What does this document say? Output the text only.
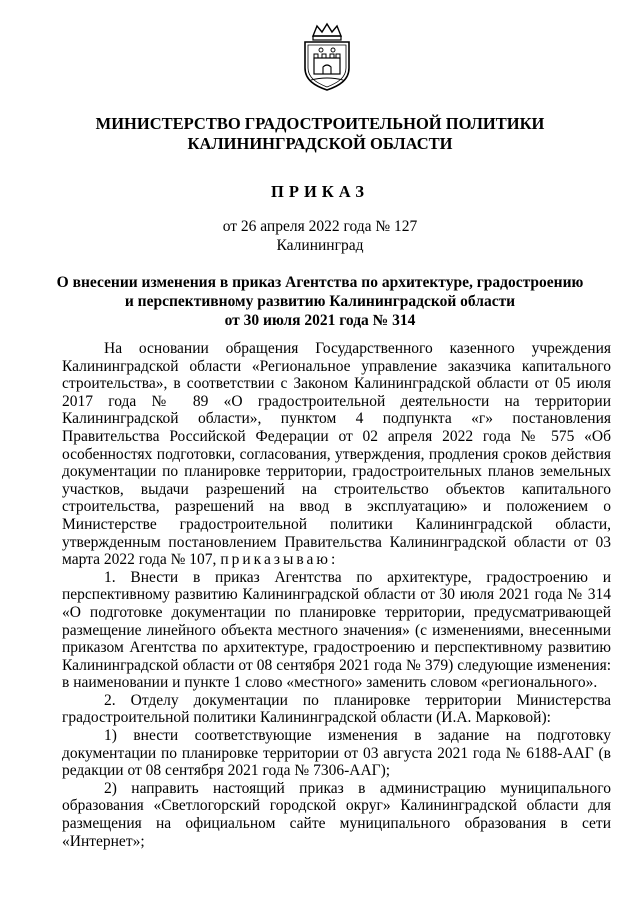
МИНИСТЕРСТВО ГРАДОСТРОИТЕЛЬНОЙ ПОЛИТИКИ
КАЛИНИНГРАДСКОЙ ОБЛАСТИ
ПРИКАЗ
от 26 апреля 2022 года № 127
Калининград
О внесении изменения в приказ Агентства по архитектуре, градостроению
и перспективному развитию Калининградской области
от 30 июля 2021 года № 314

На основании обращения Государственного казенного учреждения Калининградской области «Региональное управление заказчика капитального строительства», в соответствии с Законом Калининградской области от 05 июля 2017 года № 89 «О градостроительной деятельности на территории Калининградской области», пунктом 4 подпункта «г» постановления Правительства Российской Федерации от 02 апреля 2022 года № 575 «Об особенностях подготовки, согласования, утверждения, продления сроков действия документации по планировке территории, градостроительных планов земельных участков, выдачи разрешений на строительство объектов капитального строительства, разрешений на ввод в эксплуатацию» и положением о Министерстве градостроительной политики Калининградской области, утвержденным постановлением Правительства Калининградской области от 03 марта 2022 года № 107, приказываю:

1. Внести в приказ Агентства по архитектуре, градостроению и перспективному развитию Калининградской области от 30 июля 2021 года № 314 «О подготовке документации по планировке территории, предусматривающей размещение линейного объекта местного значения» (с изменениями, внесенными приказом Агентства по архитектуре, градостроению и перспективному развитию Калининградской области от 08 сентября 2021 года № 379) следующие изменения: в наименовании и пункте 1 слово «местного» заменить словом «регионального».

2. Отделу документации по планировке территории Министерства градостроительной политики Калининградской области (И.А. Марковой):

1) внести соответствующие изменения в задание на подготовку документации по планировке территории от 03 августа 2021 года № 6188-ААГ (в редакции от 08 сентября 2021 года № 7306-ААГ);

2) направить настоящий приказ в администрацию муниципального образования «Светлогорский городской округ» Калининградской области для размещения на официальном сайте муниципального образования в сети «Интернет»;
